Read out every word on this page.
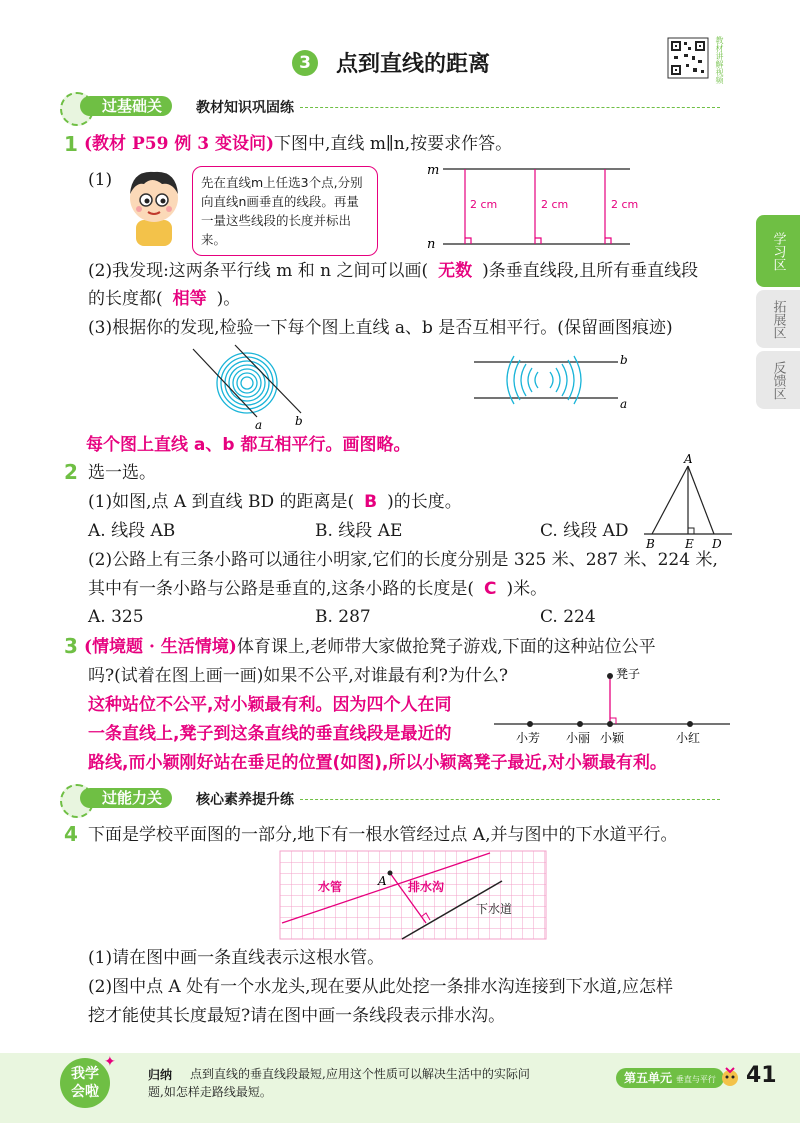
3	点到直线的距离	教材讲解视频
学习区
拓展区
反馈区
过基础关	教材知识巩固练
1 (教材 P59 例 3 变设问)下图中,直线 m∥n,按要求作答。
(1)	先在直线m上任选3个点,分别向直线n画垂直的线段。再量一量这些线段的长度并标出来。
m
n
2 cm	2 cm	2 cm
(2)我发现:这两条平行线 m 和 n 之间可以画( 无数 )条垂直线段,且所有垂直线段
的长度都( 相等 )。
(3)根据你的发现,检验一下每个图上直线 a、b 是否互相平行。(保留画图痕迹)
a	b
b
a
每个图上直线 a、b 都互相平行。画图略。
2 选一选。
(1)如图,点 A 到直线 BD 的距离是( B )的长度。
A. 线段 AB	B. 线段 AE	C. 线段 AD
A
B	E D
(2)公路上有三条小路可以通往小明家,它们的长度分别是 325 米、287 米、224 米,
其中有一条小路与公路是垂直的,这条小路的长度是( C )米。
A. 325	B. 287	C. 224
3 (情境题 · 生活情境)体育课上,老师带大家做抢凳子游戏,下面的这种站位公平
吗?(试着在图上画一画)如果不公平,对谁最有利?为什么?
这种站位不公平,对小颖最有利。因为四个人在同
一条直线上,凳子到这条直线的垂直线段是最近的
路线,而小颖刚好站在垂足的位置(如图),所以小颖离凳子最近,对小颖最有利。
凳子
小芳 小丽 小颖	小红
过能力关	核心素养提升练
4 下面是学校平面图的一部分,地下有一根水管经过点 A,并与图中的下水道平行。
水管	排水沟
下水道
A
(1)请在图中画一条直线表示这根水管。
(2)图中点 A 处有一个水龙头,现在要从此处挖一条排水沟连接到下水道,应怎样
挖才能使其长度最短?请在图中画一条线段表示排水沟。
我学会啦
✦
归纳 点到直线的垂直线段最短,应用这个性质可以解决生活中的实际问
题,如怎样走路线最短。
第五单元 垂直与平行	41
